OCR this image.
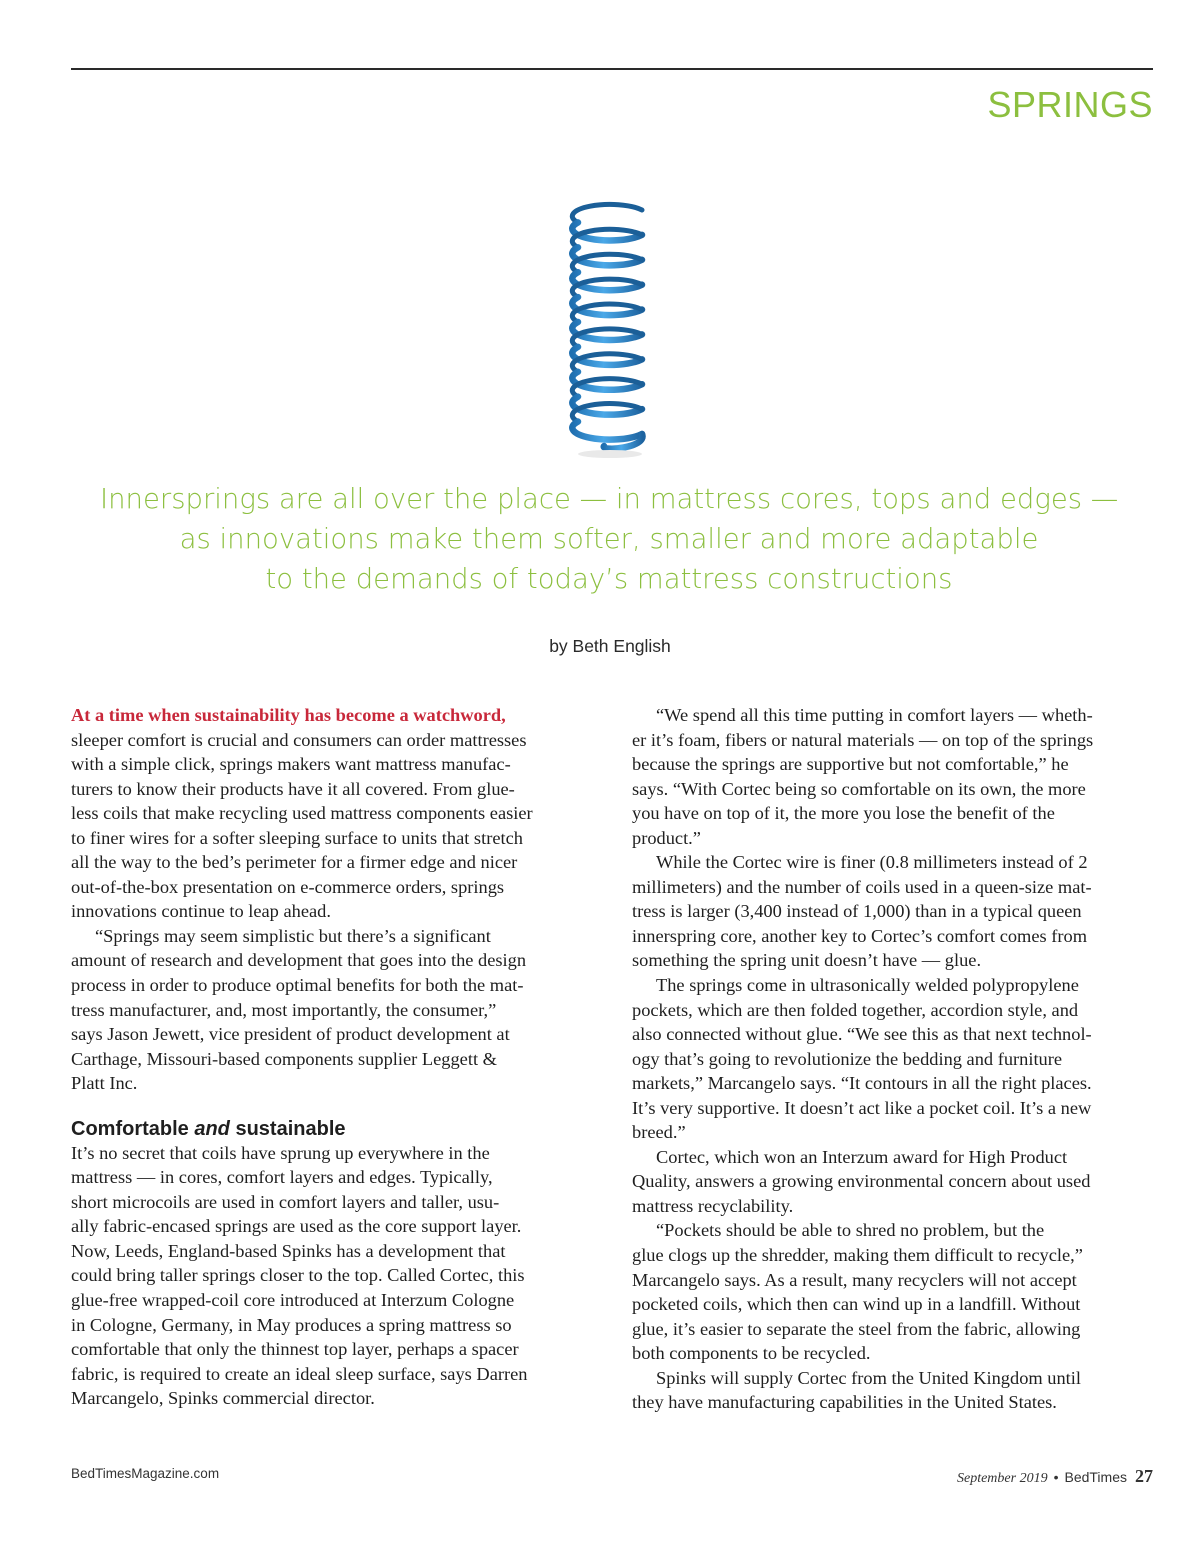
SPRINGS
Innersprings are all over the place — in mattress cores, tops and edges —
as innovations make them softer, smaller and more adaptable
to the demands of today’s mattress constructions
by Beth English

At a time when sustainability has become a watchword,
sleeper comfort is crucial and consumers can order mattresses
with a simple click, springs makers want mattress manufac-
turers to know their products have it all covered. From glue-
less coils that make recycling used mattress components easier
to finer wires for a softer sleeping surface to units that stretch
all the way to the bed’s perimeter for a firmer edge and nicer
out-of-the-box presentation on e-commerce orders, springs
innovations continue to leap ahead.

“Springs may seem simplistic but there’s a significant
amount of research and development that goes into the design
process in order to produce optimal benefits for both the mat-
tress manufacturer, and, most importantly, the consumer,”
says Jason Jewett, vice president of product development at
Carthage, Missouri-based components supplier Leggett &
Platt Inc.

Comfortable and sustainable

It’s no secret that coils have sprung up everywhere in the
mattress — in cores, comfort layers and edges. Typically,
short microcoils are used in comfort layers and taller, usu-
ally fabric-encased springs are used as the core support layer.
Now, Leeds, England-based Spinks has a development that
could bring taller springs closer to the top. Called Cortec, this
glue-free wrapped-coil core introduced at Interzum Cologne
in Cologne, Germany, in May produces a spring mattress so
comfortable that only the thinnest top layer, perhaps a spacer
fabric, is required to create an ideal sleep surface, says Darren
Marcangelo, Spinks commercial director.

“We spend all this time putting in comfort layers — wheth-
er it’s foam, fibers or natural materials — on top of the springs
because the springs are supportive but not comfortable,” he
says. “With Cortec being so comfortable on its own, the more
you have on top of it, the more you lose the benefit of the
product.”

While the Cortec wire is finer (0.8 millimeters instead of 2
millimeters) and the number of coils used in a queen-size mat-
tress is larger (3,400 instead of 1,000) than in a typical queen
innerspring core, another key to Cortec’s comfort comes from
something the spring unit doesn’t have — glue.

The springs come in ultrasonically welded polypropylene
pockets, which are then folded together, accordion style, and
also connected without glue. “We see this as that next technol-
ogy that’s going to revolutionize the bedding and furniture
markets,” Marcangelo says. “It contours in all the right places.
It’s very supportive. It doesn’t act like a pocket coil. It’s a new
breed.”

Cortec, which won an Interzum award for High Product
Quality, answers a growing environmental concern about used
mattress recyclability.

“Pockets should be able to shred no problem, but the
glue clogs up the shredder, making them difficult to recycle,”
Marcangelo says. As a result, many recyclers will not accept
pocketed coils, which then can wind up in a landfill. Without
glue, it’s easier to separate the steel from the fabric, allowing
both components to be recycled.

Spinks will supply Cortec from the United Kingdom until
they have manufacturing capabilities in the United States.

BedTimesMagazine.com	September 2019 • BedTimes 27
